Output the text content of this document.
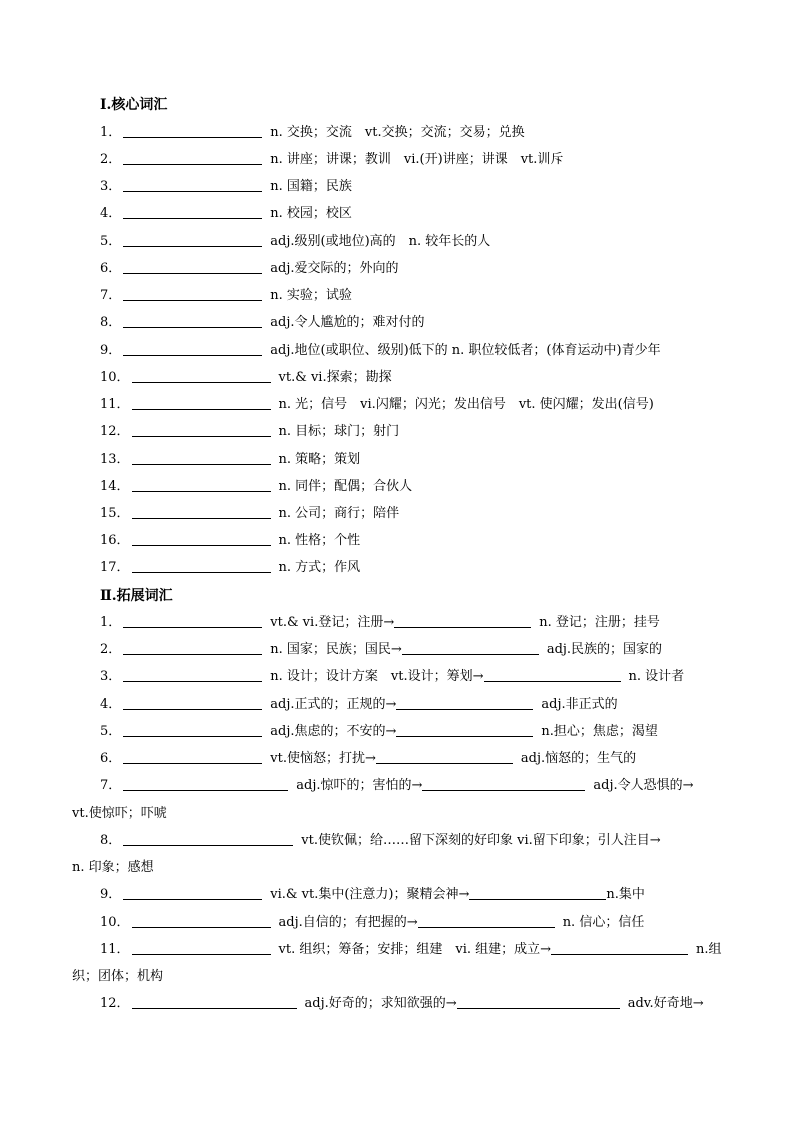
Ⅰ.核心词汇
1．	n. 交换；交流　vt.交换；交流；交易；兑换
2．	n. 讲座；讲课；教训　vi.(开)讲座；讲课　vt.训斥
3．	n. 国籍；民族
4．	n. 校园；校区
5．	adj.级别(或地位)高的　n. 较年长的人
6．	adj.爱交际的；外向的
7．	n. 实验；试验
8．	adj.令人尴尬的；难对付的
9．	adj.地位(或职位、级别)低下的 n. 职位较低者；(体育运动中)青少年
10．	vt.& vi.探索；勘探
11．	n. 光；信号　vi.闪耀；闪光；发出信号　vt. 使闪耀；发出(信号)
12．	n. 目标；球门；射门
13．	n. 策略；策划
14．	n. 同伴；配偶；合伙人
15．	n. 公司；商行；陪伴
16．	n. 性格；个性
17．	n. 方式；作风
Ⅱ.拓展词汇
1．	vt.& vi.登记；注册→	n. 登记；注册；挂号
2．	n. 国家；民族；国民→	adj.民族的；国家的
3．	n. 设计；设计方案　vt.设计；筹划→	n. 设计者
4．	adj.正式的；正规的→	adj.非正式的
5．	adj.焦虑的；不安的→	n.担心；焦虑；渴望
6．	vt.使恼怒；打扰→	adj.恼怒的；生气的
7．	adj.惊吓的；害怕的→	adj.令人恐惧的→
vt.使惊吓；吓唬
8．	vt.使钦佩；给……留下深刻的好印象 vi.留下印象；引人注目→
n. 印象；感想
9．	vi.& vt.集中(注意力)；聚精会神→	n.集中
10．	adj.自信的；有把握的→	n. 信心；信任
11．	vt. 组织；筹备；安排；组建　vi. 组建；成立→	n.组
织；团体；机构
12．	adj.好奇的；求知欲强的→	adv.好奇地→
